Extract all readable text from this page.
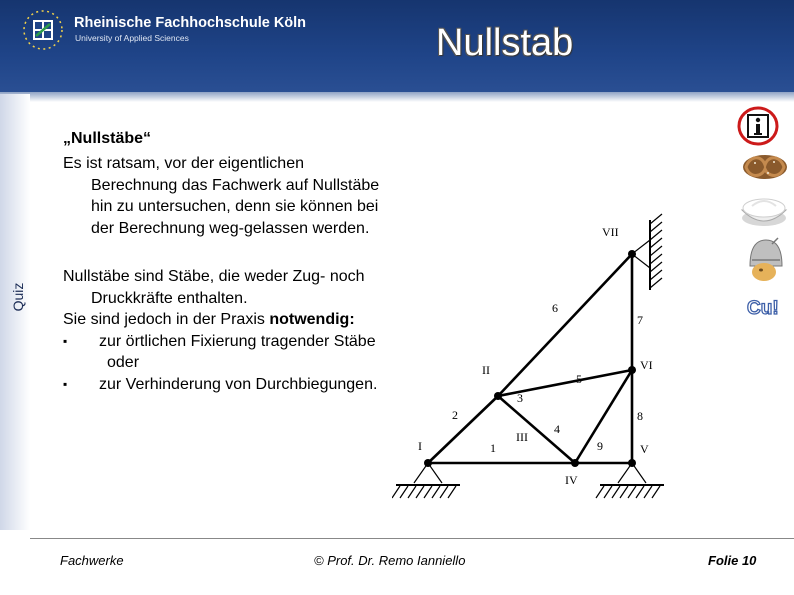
Rheinische Fachhochschule Köln
University of Applied Sciences	Nullstab
Quiz
„Nullstäbe“
Es ist ratsam, vor der eigentlichen
Berechnung das Fachwerk auf Nullstäbe
hin zu untersuchen, denn sie können bei
der Berechnung weg-gelassen werden.
Nullstäbe sind Stäbe, die weder Zug- noch
Druckkräfte enthalten.
Sie sind jedoch in der Praxis notwendig:
▪ zur örtlichen Fixierung tragender Stäbe
oder
▪ zur Verhinderung von Durchbiegungen.
I
II
III
IV
V
VI
VII
1
2
3
4
5
6
7
8
9
Cu!
Fachwerke	© Prof. Dr. Remo Ianniello	Folie 10
